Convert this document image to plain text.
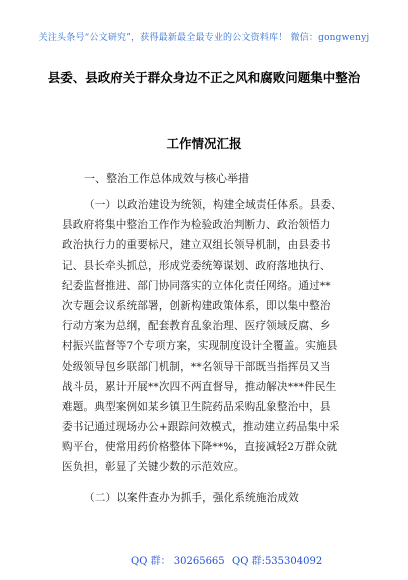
关注头条号“公文研究”，获得最新最全最专业的公文资料库！ 微信：gongwenyj
县委、县政府关于群众身边不正之风和腐败问题集中整治
工作情况汇报
一、整治工作总体成效与核心举措
（一）以政治建设为统领，构建全域责任体系。县委、
县政府将集中整治工作作为检验政治判断力、政治领悟力
政治执行力的重要标尺，建立双组长领导机制，由县委书
记、县长牵头抓总，形成党委统筹谋划、政府落地执行、
纪委监督推进、部门协同落实的立体化责任网络。通过**
次专题会议系统部署，创新构建政策体系，即以集中整治
行动方案为总纲，配套教育乱象治理、医疗领域反腐、乡
村振兴监督等7个专项方案，实现制度设计全覆盖。实施县
处级领导包乡联部门机制，**名领导干部既当指挥员又当
战斗员，累计开展**次四不两直督导，推动解决***件民生
难题。典型案例如某乡镇卫生院药品采购乱象整治中，县
委书记通过现场办公+跟踪问效模式，推动建立药品集中采
购平台，使常用药价格整体下降**%，直接减轻2万群众就
医负担，彰显了关键少数的示范效应。
（二）以案件查办为抓手，强化系统施治成效
QQ 群： 30265665 QQ 群:535304092
